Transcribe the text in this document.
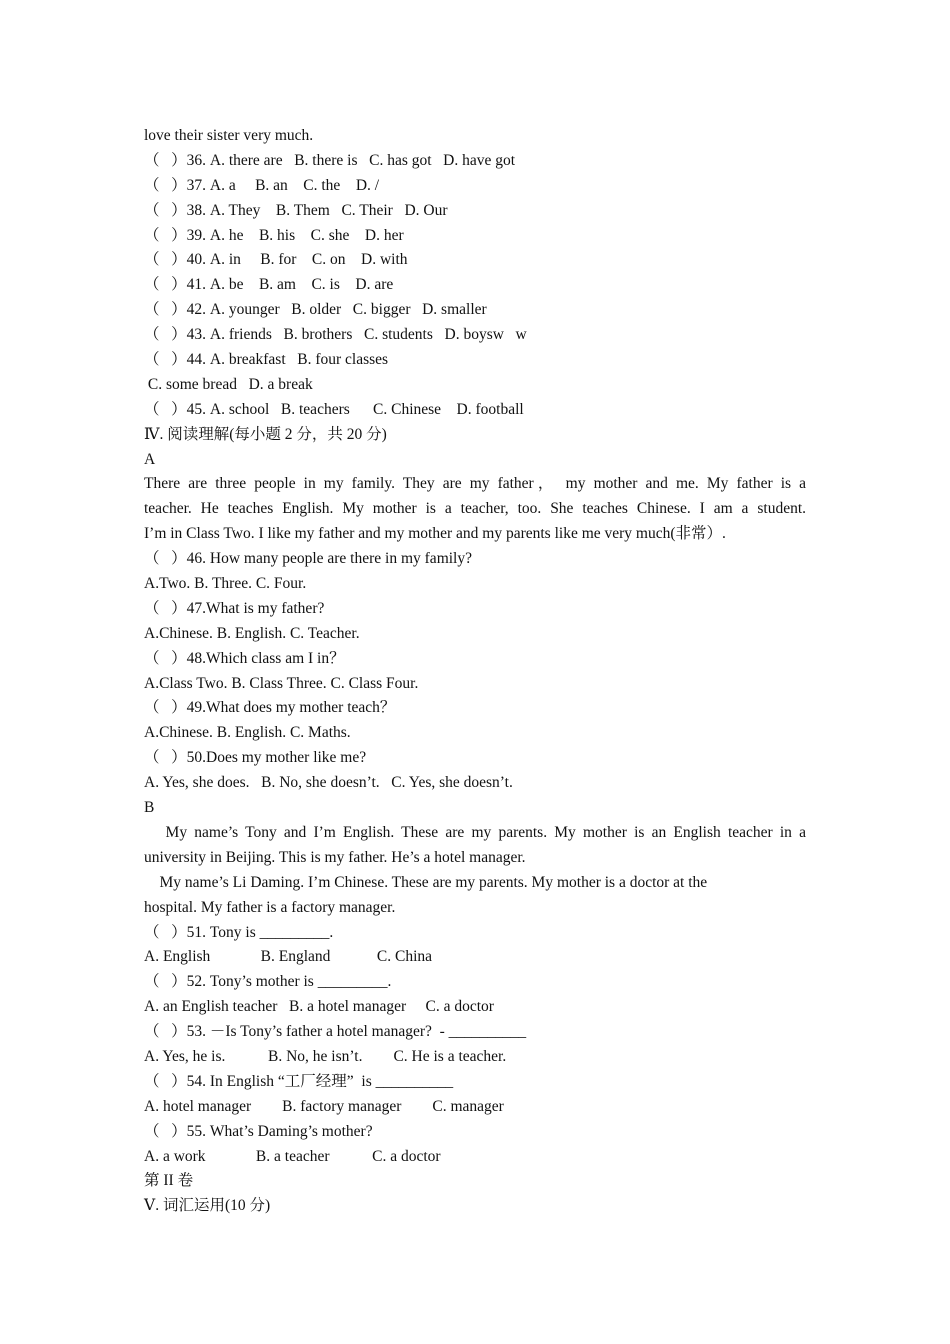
love their sister very much.
（   ）36. A. there are   B. there is   C. has got   D. have got
（   ）37. A. a     B. an    C. the    D. /
（   ）38. A. They    B. Them   C. Their   D. Our
（   ）39. A. he    B. his    C. she    D. her
（   ）40. A. in     B. for    C. on    D. with
（   ）41. A. be    B. am    C. is    D. are
（   ）42. A. younger   B. older   C. bigger   D. smaller
（   ）43. A. friends   B. brothers   C. students   D. boysw   w
（   ）44. A. breakfast   B. four classes
C. some bread   D. a break
（   ）45. A. school   B. teachers      C. Chinese    D. football
Ⅳ. 阅读理解(每小题 2 分，共 20 分)
A
There are three people in my family. They are my father， my mother and me. My father is a
teacher. He teaches English. My mother is a teacher, too. She teaches Chinese. I am a student.
I’m in Class Two. I like my father and my mother and my parents like me very much(非常）.
（   ）46. How many people are there in my family?
A.Two. B. Three. C. Four.
（   ）47.What is my father?
A.Chinese. B. English. C. Teacher.
（   ）48.Which class am I in？
A.Class Two. B. Class Three. C. Class Four.
（   ）49.What does my mother teach？
A.Chinese. B. English. C. Maths.
（   ）50.Does my mother like me?
A. Yes, she does.   B. No, she doesn’t.   C. Yes, she doesn’t.
B
My name’s Tony and I’m English. These are my parents. My mother is an English teacher in a
university in Beijing. This is my father. He’s a hotel manager.
My name’s Li Daming. I’m Chinese. These are my parents. My mother is a doctor at the
hospital. My father is a factory manager.
（   ）51. Tony is _________.
A. English             B. England            C. China
（   ）52. Tony’s mother is _________.
A. an English teacher   B. a hotel manager     C. a doctor
（   ）53. －Is Tony’s father a hotel manager?  - __________
A. Yes, he is.           B. No, he isn’t.        C. He is a teacher.
（   ）54. In English “工厂经理”  is __________
A. hotel manager        B. factory manager        C. manager
（   ）55. What’s Daming’s mother?
A. a work             B. a teacher           C. a doctor
第 II 卷
Ⅴ. 词汇运用(10 分)
